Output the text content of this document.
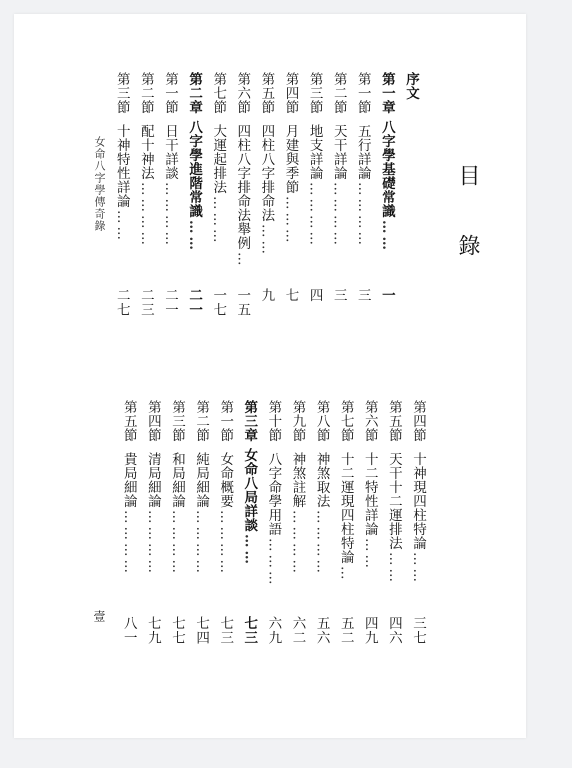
目錄
女命八字學傳奇錄
壹
序文
第一章八字學基礎常識……
一
第一節五行詳論…………
三
第二節天干詳論…………
三
第三節地支詳論…………
四
第四節月建與季節………
七
第五節四柱八字排命法……
九
第六節四柱八字排命法舉例…
一五
第七節大運起排法………
一七
第二章八字學進階常識……
二一
第一節日干詳談…………
二一
第二節配十神法…………
二三
第三節十神特性詳論……
二七
第四節十神現四柱特論……
三七
第五節天干十二運排法……
四六
第六節十二特性詳論……
四九
第七節十二運現四柱特論…
五二
第八節神煞取法…………
五六
第九節神煞註解…………
六二
第十節八字命學用語………
六九
第三章女命八局詳談……
七三
第一節女命概要…………
七三
第二節純局細論…………
七四
第三節和局細論…………
七七
第四節清局細論…………
七九
第五節貴局細論…………
八一
